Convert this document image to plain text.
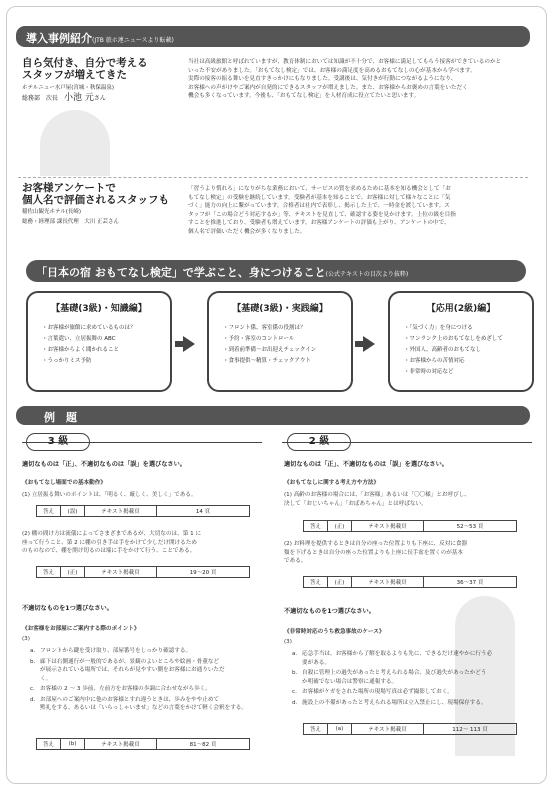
導入事例紹介(JTB 旅ホ連ニュースより転載)
自ら気付き、自分で考える
スタッフが増えてきた
ホテルニュー水戸屋(宮城・秋保温泉)
総務部　次長　 小池 元さん
当社は高級旅館と呼ばれていますが、教育体制においては知識が不十分で、お客様に満足してもらう接客ができているのかと
いった不安がありました。「おもてなし検定」では、お客様の満足度を高めるおもてなしの心が基本から学べます。
実際の接客の振る舞いを見直すきっかけにもなりました。受講後は、気付きが行動につながるようになり、
お客様への声がけやご案内が自発的にできるスタッフが増えました。また、お客様からお褒めの言葉をいただく
機会も多くなっています。今後も、「おもてなし検定」を人材育成に役立てたいと思います。
お客様アンケートで
個人名で評価されるスタッフも
稲佐山観光ホテル(長崎)
総務・経理部 課長代理　 大川 正芸さん
「習うより慣れろ」になりがちな業務において、サービスの質を求めるために基本を知る機会として「お
もてなし検定」の受験を継続しています。受験者が基本を知ることで、お客様に対して様々なことに「気
づく」能力の向上に繋がっています。合格者は社内で表彰し、掲示した上で、一時金を渡しています。ス
タッフが「この場合どう対応するか」等、テキストを見直して、確認する姿を見かけます。上位の級を目指
すことを推進しており、受験者も増えています。お客様アンケートの評価も上がり、アンケートの中で、
個人名で評価いただく機会が多くなりました。
「日本の宿 おもてなし検定」で学ぶこと、身につけること(公式テキストの目次より抜粋)
【基礎(3級)・知識編】
・ お客様が旅館に求めているものは？
・ 言葉遣い、立居振舞の ABC
・ お客様からよく聞かれること
・ うっかりミス予防
【基礎(3級)・実践編】
・ フロント係、客室係の役割は？
・ 予約・客室のコントロール
・ 到着前準備〜お出迎えチェックイン
・ 食事提供〜精算・チェックアウト
【応用(2級)編】
・ 「気づく力」を身につける
・ ワンランク上のおもてなしをめざして
・ 外国人、高齢者のおもてなし
・ お客様からの苦情対応
・ 非常時の対応など
例　題
3 級
適切なものは「正」、不適切なものは「誤」を選びなさい。
《おもてなし場面での基本動作》
(1) 立居振る舞いのポイントは、「明るく、厳しく、美しく」である。
答え	(誤)	テキスト掲載頁	14 頁
(2) 棚の間け方は流儀によってさまざまであるが、大切なのは、第 1 に
座って行うこと、第 2 に棚の引き手は手をかけて少しだけ開けるため
のものなので、棚を開け切るのは端に手をかけて行う、ことである。
答え	(正)	テキスト掲載頁	19〜20 頁
不適切なものを1つ選びなさい。
《お客様をお部屋にご案内する際のポイント》
(3)
a. フロントから鍵を受け取り、部屋番号をしっかり確認する。
b. 廊下は右側通行が一般的であるが、景観のよいところや絵画・骨董など
が展示されている場所では、それらが見やすい側をお客様にお通りいただ
く。
c. お客様の 2 〜 3 歩前、左前方をお客様の歩調に合わせながら歩く。
d. お部屋へのご案内中に他のお客様とすれ違うときは、歩みをやや止めて
黙礼をする、あるいは「いらっしゃいませ」などの言葉をかけて軽く会釈をする。
答え	(b)	テキスト掲載頁	81〜82 頁
2 級
適切なものは「正」、不適切なものは「誤」を選びなさい。
《おもてなしに関する考え方や方法》
(1) 高齢のお客様の場合には、「お客様」あるいは「〇〇様」とお呼びし、
決して「おじいちゃん」「おばあちゃん」とは呼ばない。
答え	(正)	テキスト掲載頁	52〜53 頁
(2) お料理を提供するときは自分の座った位置よりも下座に、反対に食器
類を下げるときは自分の座った位置よりも上座に長手盆を置くのが基本
である。
答え	(正)	テキスト掲載頁	36〜37 頁
不適切なものを1つ選びなさい。
《非常時対応のうち救急事故のケース》
(3)
a. 応急手当は、お客様から了解を取るよりも先に、できるだけ速やかに行う必
要がある。
b. 自殺に管理上の過失があったと考えられる場合、及び過失があったかどう
か明確でない場合は警察に通報する。
c. お客様がケガをされた場所の現場写真は必ず撮影しておく。
d. 施設上の不備があったと考えられる場所は立入禁止にし、現場保存する。
答え	(a)	テキスト掲載頁	112〜 113 頁
